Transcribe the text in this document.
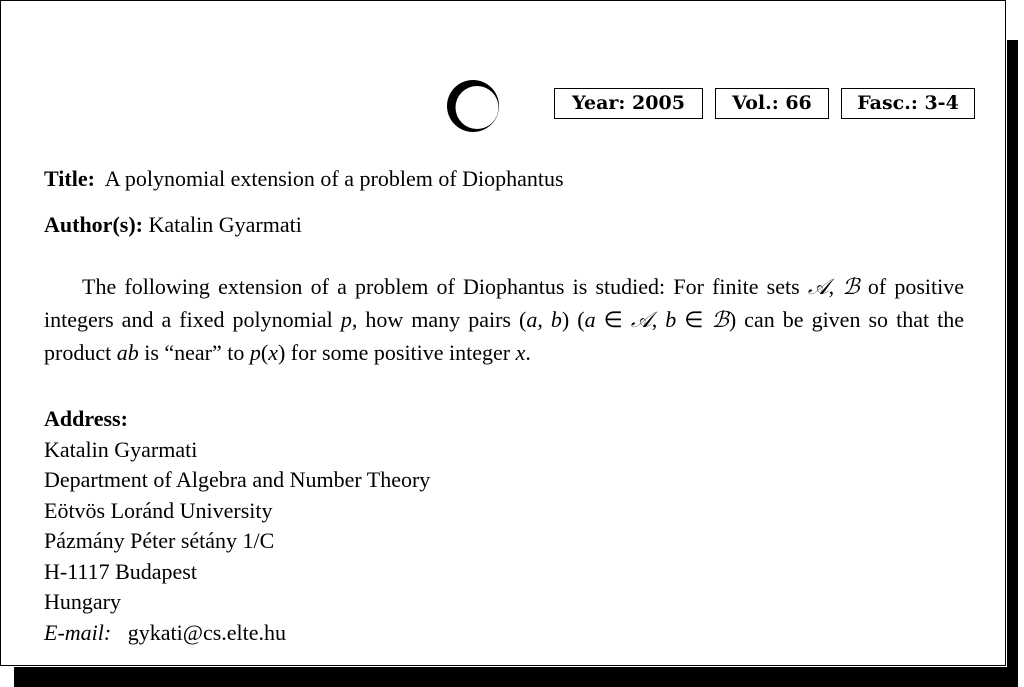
Year: 2005	Vol.: 66	Fasc.: 3-4
Title: A polynomial extension of a problem of Diophantus
Author(s): Katalin Gyarmati
The following extension of a problem of Diophantus is studied: For finite sets 𝒜, ℬ of positive integers and a fixed polynomial p, how many pairs (a, b) (a ∈ 𝒜, b ∈ ℬ) can be given so that the product ab is “near” to p(x) for some positive integer x.
Address:
Katalin Gyarmati
Department of Algebra and Number Theory
Eötvös Loránd University
Pázmány Péter sétány 1/C
H-1117 Budapest
Hungary
E-mail: gykati@cs.elte.hu
